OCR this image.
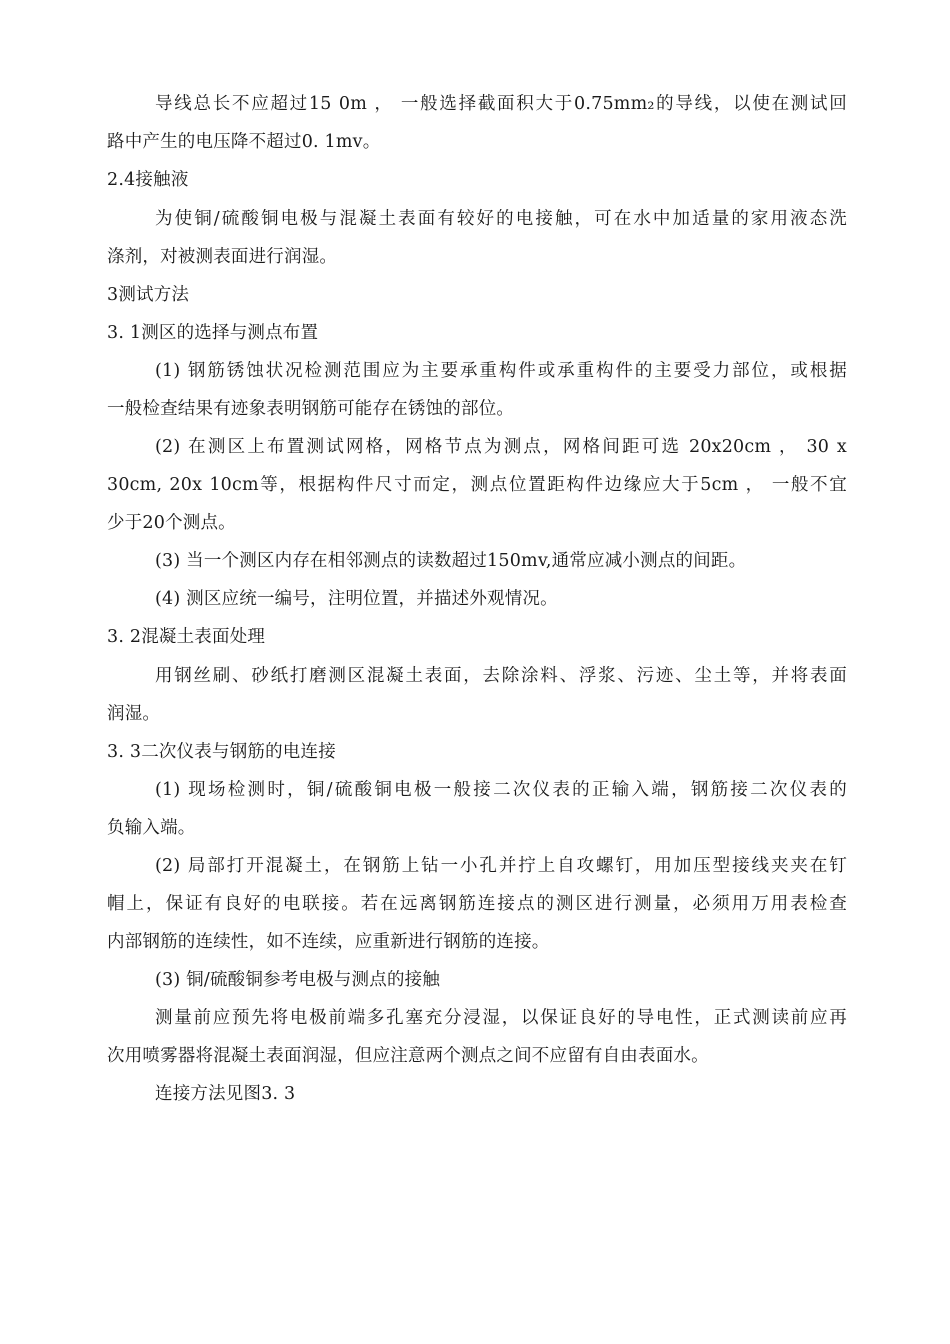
导线总长不应超过15 0m ， 一般选择截面积大于0.75mm₂的导线，以使在测试回
路中产生的电压降不超过0. 1mv。
2.4接触液
为使铜/硫酸铜电极与混凝土表面有较好的电接触，可在水中加适量的家用液态洗
涤剂，对被测表面进行润湿。
3测试方法
3. 1测区的选择与测点布置
(1) 钢筋锈蚀状况检测范围应为主要承重构件或承重构件的主要受力部位，或根据
一般检查结果有迹象表明钢筋可能存在锈蚀的部位。
(2) 在测区上布置测试网格，网格节点为测点，网格间距可选 20x20cm ， 30 x
30cm, 20x 10cm等，根据构件尺寸而定，测点位置距构件边缘应大于5cm ， 一般不宜
少于20个测点。
(3) 当一个测区内存在相邻测点的读数超过150mv,通常应减小测点的间距。
(4) 测区应统一编号，注明位置，并描述外观情况。
3. 2混凝土表面处理
用钢丝刷、砂纸打磨测区混凝土表面，去除涂料、浮浆、污迹、尘土等，并将表面
润湿。
3. 3二次仪表与钢筋的电连接
(1) 现场检测时，铜/硫酸铜电极一般接二次仪表的正输入端，钢筋接二次仪表的
负输入端。
(2) 局部打开混凝土，在钢筋上钻一小孔并拧上自攻螺钉，用加压型接线夹夹在钉
帽上，保证有良好的电联接。若在远离钢筋连接点的测区进行测量，必须用万用表检查
内部钢筋的连续性，如不连续，应重新进行钢筋的连接。
(3) 铜/硫酸铜参考电极与测点的接触
测量前应预先将电极前端多孔塞充分浸湿，以保证良好的导电性，正式测读前应再
次用喷雾器将混凝土表面润湿，但应注意两个测点之间不应留有自由表面水。
连接方法见图3. 3
